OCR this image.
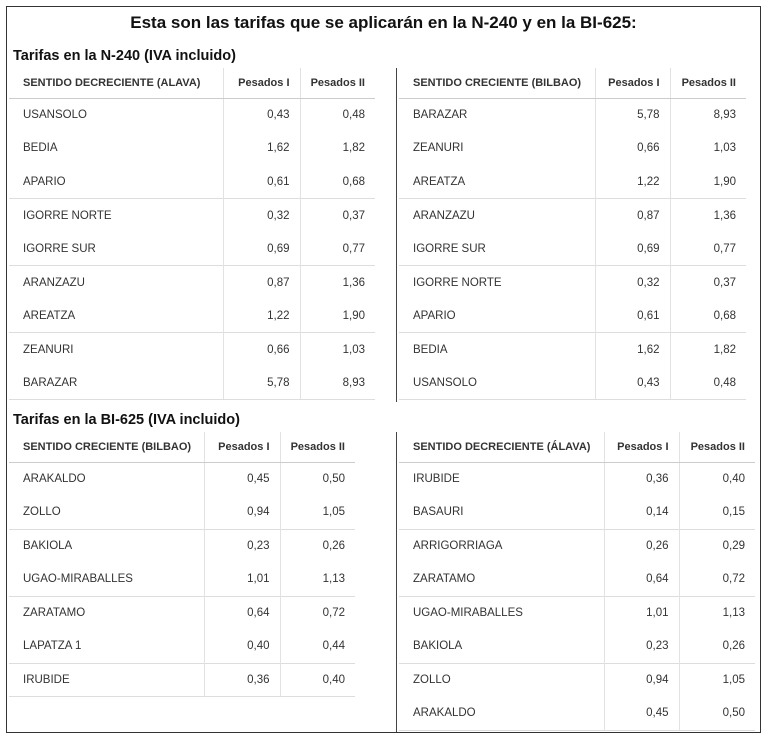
Esta son las tarifas que se aplicarán en la N-240 y en la BI-625:
Tarifas en la N-240 (IVA incluido)
SENTIDO DECRECIENTE (ALAVA)	Pesados I	Pesados II
USANSOLO	0,43	0,48
BEDIA	1,62	1,82
APARIO	0,61	0,68
IGORRE NORTE	0,32	0,37
IGORRE SUR	0,69	0,77
ARANZAZU	0,87	1,36
AREATZA	1,22	1,90
ZEANURI	0,66	1,03
BARAZAR	5,78	8,93
SENTIDO CRECIENTE (BILBAO)	Pesados I	Pesados II
BARAZAR	5,78	8,93
ZEANURI	0,66	1,03
AREATZA	1,22	1,90
ARANZAZU	0,87	1,36
IGORRE SUR	0,69	0,77
IGORRE NORTE	0,32	0,37
APARIO	0,61	0,68
BEDIA	1,62	1,82
USANSOLO	0,43	0,48
Tarifas en la BI-625 (IVA incluido)
SENTIDO CRECIENTE (BILBAO)	Pesados I	Pesados II
ARAKALDO	0,45	0,50
ZOLLO	0,94	1,05
BAKIOLA	0,23	0,26
UGAO-MIRABALLES	1,01	1,13
ZARATAMO	0,64	0,72
LAPATZA 1	0,40	0,44
IRUBIDE	0,36	0,40
SENTIDO DECRECIENTE (ÁLAVA)	Pesados I	Pesados II
IRUBIDE	0,36	0,40
BASAURI	0,14	0,15
ARRIGORRIAGA	0,26	0,29
ZARATAMO	0,64	0,72
UGAO-MIRABALLES	1,01	1,13
BAKIOLA	0,23	0,26
ZOLLO	0,94	1,05
ARAKALDO	0,45	0,50
